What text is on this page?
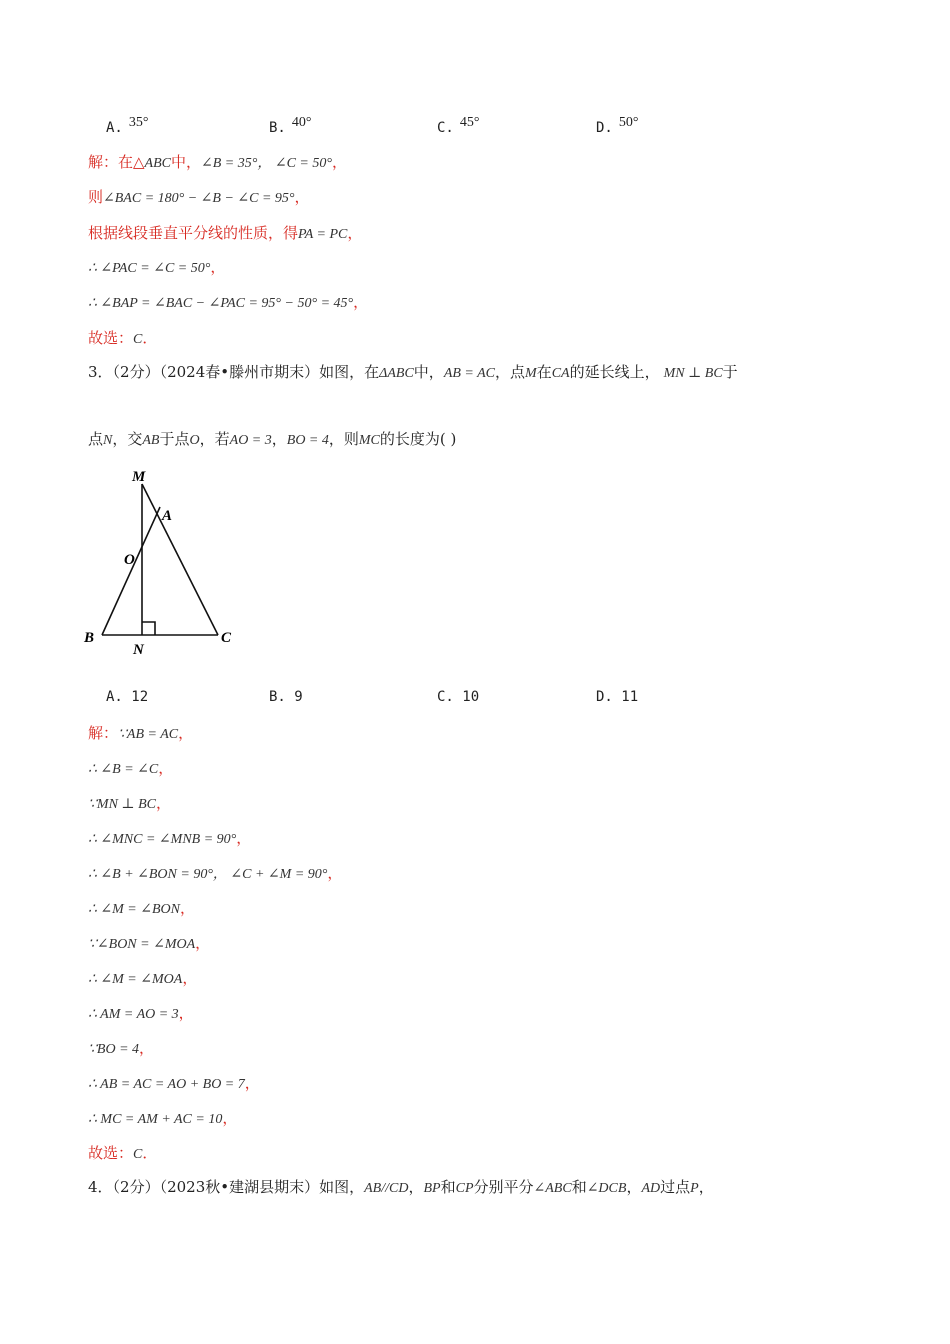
A. 35°	B. 40°	C. 45°	D. 50°
解：在△ABC中，∠B = 35°， ∠C = 50°，
则∠BAC = 180° − ∠B − ∠C = 95°，
根据线段垂直平分线的性质，得PA = PC，
∴ ∠PAC = ∠C = 50°，
∴ ∠BAP = ∠BAC − ∠PAC = 95° − 50° = 45°，
故选：C．
3．（2分）（2024春•滕州市期末）如图，在ΔABC中，AB = AC，点M在CA的延长线上， MN ⊥ BC于
点N，交AB于点O，若AO = 3，BO = 4，则MC的长度为( )
M
A
O
B
N
C
A. 12	B. 9	C. 10	D. 11
解：∵AB = AC，
∴ ∠B = ∠C，
∵MN ⊥ BC，
∴ ∠MNC = ∠MNB = 90°，
∴ ∠B + ∠BON = 90°， ∠C + ∠M = 90°，
∴ ∠M = ∠BON，
∵∠BON = ∠MOA，
∴ ∠M = ∠MOA，
∴ AM = AO = 3，
∵BO = 4，
∴ AB = AC = AO + BO = 7，
∴ MC = AM + AC = 10，
故选：C．
4．（2分）（2023秋•建湖县期末）如图，AB//CD，BP和CP分别平分∠ABC和∠DCB，AD过点P，
